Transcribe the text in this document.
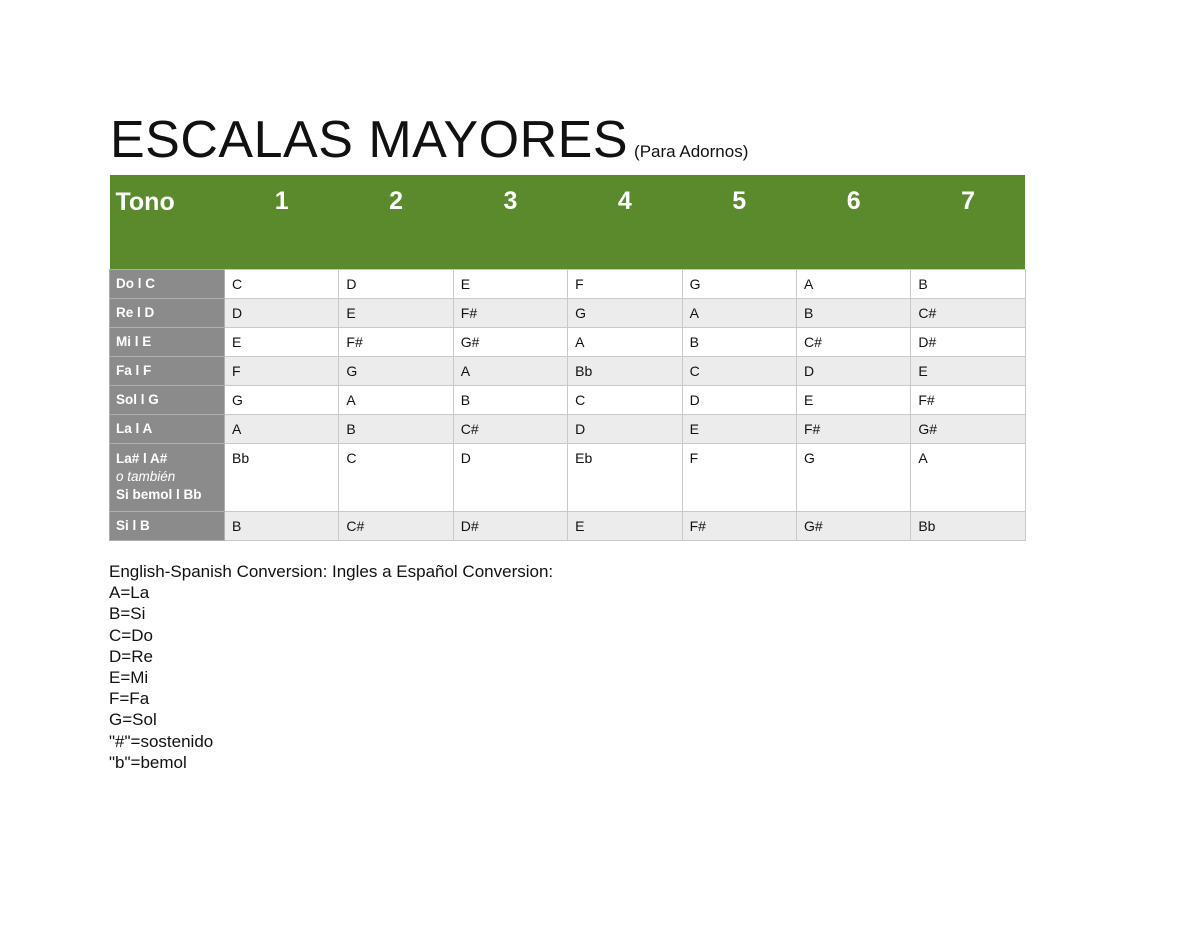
ESCALAS MAYORES (Para Adornos)
Tono	1	2	3	4	5	6	7
Do l C	C	D	E	F	G	A	B
Re l D	D	E	F#	G	A	B	C#
Mi l E	E	F#	G#	A	B	C#	D#
Fa l F	F	G	A	Bb	C	D	E
Sol l G	G	A	B	C	D	E	F#
La l A	A	B	C#	D	E	F#	G#

La# l A#
o también
Si bemol l Bb	Bb	C	D	Eb	F	G	A
Si l B	B	C#	D#	E	F#	G#	Bb
English-Spanish Conversion: Ingles a Español Conversion:
A=La
B=Si
C=Do
D=Re
E=Mi
F=Fa
G=Sol
"#"=sostenido
"b"=bemol
